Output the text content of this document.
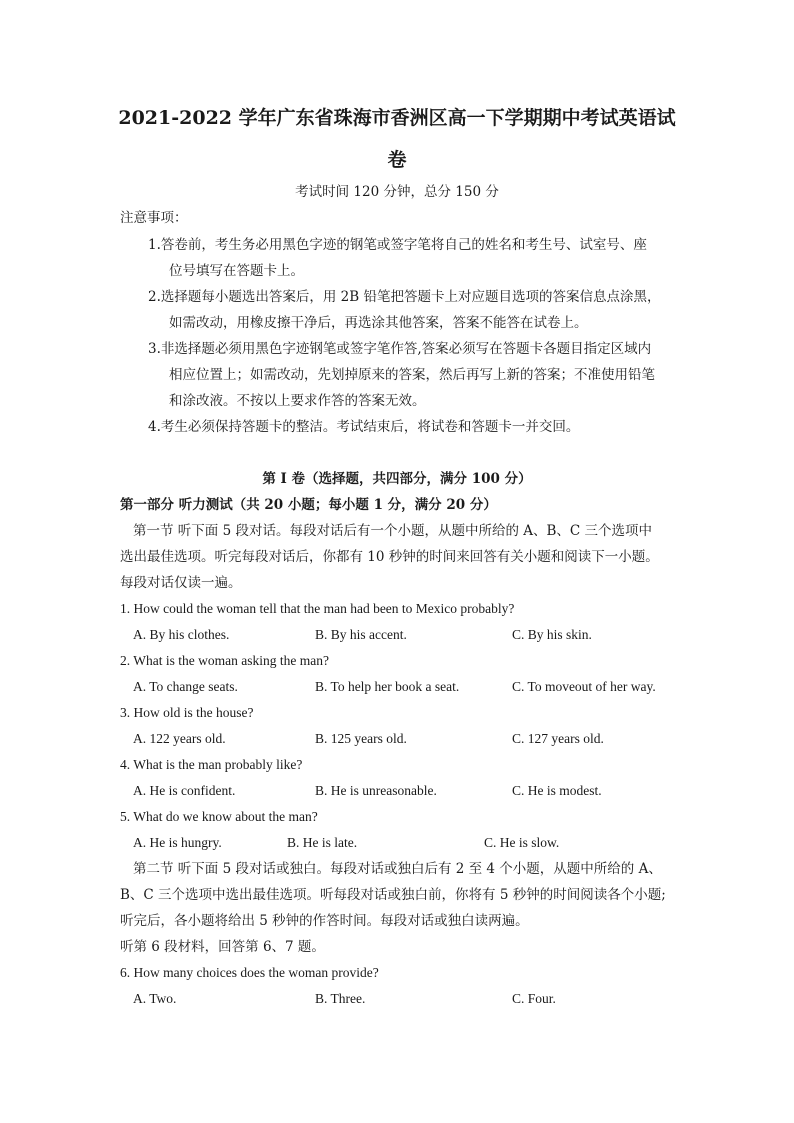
2021-2022 学年广东省珠海市香洲区高一下学期期中考试英语试
卷
考试时间 120 分钟，总分 150 分
注意事项：
1.答卷前，考生务必用黑色字迹的钢笔或签字笔将自己的姓名和考生号、试室号、座
位号填写在答题卡上。
2.选择题每小题选出答案后，用 2B 铅笔把答题卡上对应题目选项的答案信息点涂黑，
如需改动，用橡皮擦干净后，再选涂其他答案，答案不能答在试卷上。
3.非选择题必须用黑色字迹钢笔或签字笔作答,答案必须写在答题卡各题目指定区域内
相应位置上；如需改动，先划掉原来的答案，然后再写上新的答案；不准使用铅笔
和涂改液。不按以上要求作答的答案无效。
4.考生必须保持答题卡的整洁。考试结束后，将试卷和答题卡一并交回。
第 I 卷（选择题，共四部分，满分 100 分）
第一部分 听力测试（共 20 小题；每小题 1 分，满分 20 分）
第一节 听下面 5 段对话。每段对话后有一个小题，从题中所给的 A、B、C 三个选项中
选出最佳选项。听完每段对话后，你都有 10 秒钟的时间来回答有关小题和阅读下一小题。
每段对话仅读一遍。
1. How could the woman tell that the man had been to Mexico probably?
A. By his clothes.	B. By his accent.	C. By his skin.
2. What is the woman asking the man?
A. To change seats.	B. To help her book a seat.	C. To moveout of her way.
3. How old is the house?
A. 122 years old.	B. 125 years old.	C. 127 years old.
4. What is the man probably like?
A. He is confident.	B. He is unreasonable.	C. He is modest.
5. What do we know about the man?
A. He is hungry.	B. He is late.	C. He is slow.
第二节 听下面 5 段对话或独白。每段对话或独白后有 2 至 4 个小题，从题中所给的 A、
B、C 三个选项中选出最佳选项。听每段对话或独白前，你将有 5 秒钟的时间阅读各个小题;
听完后，各小题将给出 5 秒钟的作答时间。每段对话或独白读两遍。
听第 6 段材料，回答第 6、7 题。
6. How many choices does the woman provide?
A. Two.	B. Three.	C. Four.
